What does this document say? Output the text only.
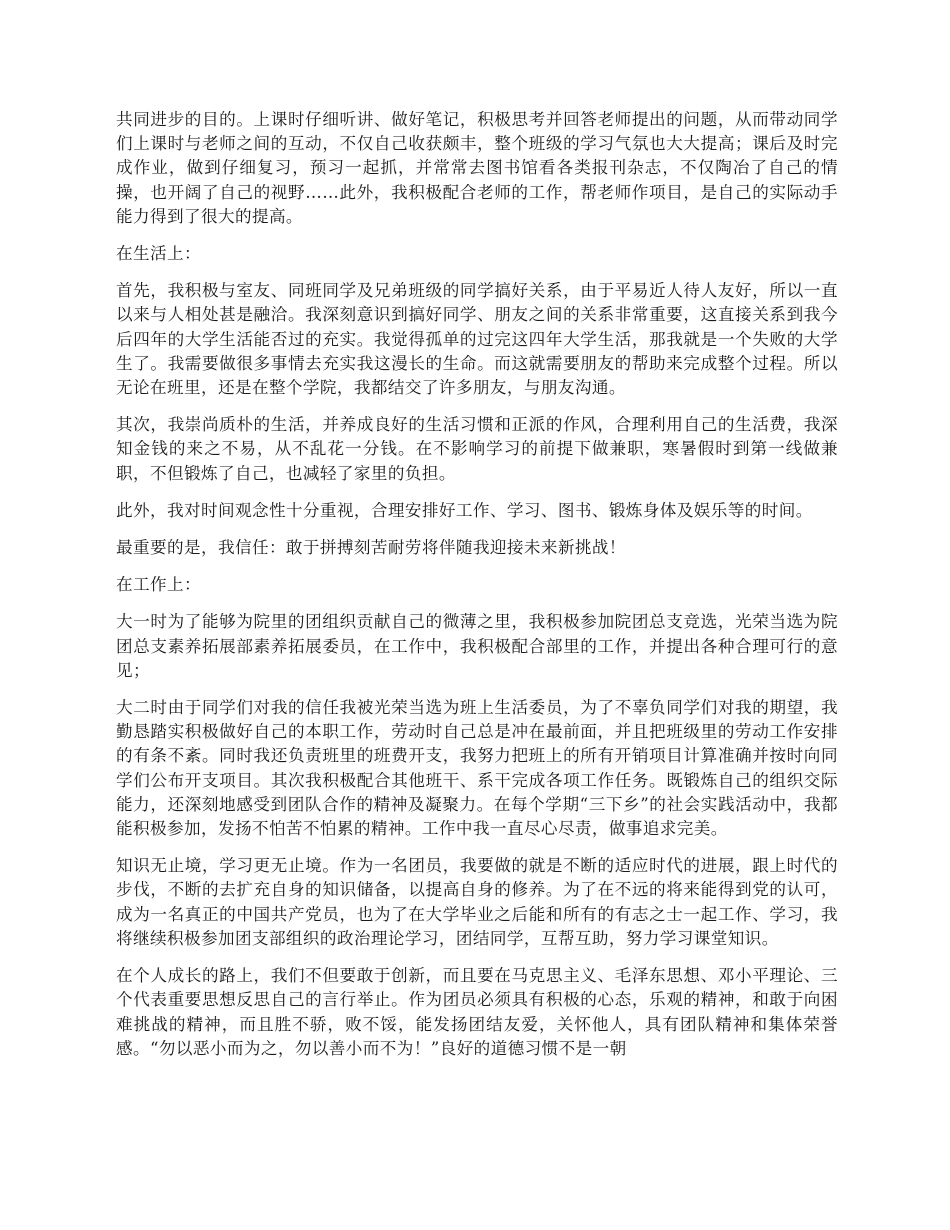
共同进步的目的。上课时仔细听讲、做好笔记，积极思考并回答老师提出的问题，从而带动同学们上课时与老师之间的互动，不仅自己收获颇丰，整个班级的学习气氛也大大提高；课后及时完成作业，做到仔细复习，预习一起抓，并常常去图书馆看各类报刊杂志，不仅陶冶了自己的情操，也开阔了自己的视野……此外，我积极配合老师的工作，帮老师作项目，是自己的实际动手能力得到了很大的提高。

在生活上：

首先，我积极与室友、同班同学及兄弟班级的同学搞好关系，由于平易近人待人友好，所以一直以来与人相处甚是融洽。我深刻意识到搞好同学、朋友之间的关系非常重要，这直接关系到我今后四年的大学生活能否过的充实。我觉得孤单的过完这四年大学生活，那我就是一个失败的大学生了。我需要做很多事情去充实我这漫长的生命。而这就需要朋友的帮助来完成整个过程。所以无论在班里，还是在整个学院，我都结交了许多朋友，与朋友沟通。

其次，我崇尚质朴的生活，并养成良好的生活习惯和正派的作风，合理利用自己的生活费，我深知金钱的来之不易，从不乱花一分钱。在不影响学习的前提下做兼职，寒暑假时到第一线做兼职，不但锻炼了自己，也减轻了家里的负担。

此外，我对时间观念性十分重视，合理安排好工作、学习、图书、锻炼身体及娱乐等的时间。

最重要的是，我信任：敢于拼搏刻苦耐劳将伴随我迎接未来新挑战！

在工作上：

大一时为了能够为院里的团组织贡献自己的微薄之里，我积极参加院团总支竞选，光荣当选为院团总支素养拓展部素养拓展委员，在工作中，我积极配合部里的工作，并提出各种合理可行的意见；

大二时由于同学们对我的信任我被光荣当选为班上生活委员，为了不辜负同学们对我的期望，我勤恳踏实积极做好自己的本职工作，劳动时自己总是冲在最前面，并且把班级里的劳动工作安排的有条不紊。同时我还负责班里的班费开支，我努力把班上的所有开销项目计算准确并按时向同学们公布开支项目。其次我积极配合其他班干、系干完成各项工作任务。既锻炼自己的组织交际能力，还深刻地感受到团队合作的精神及凝聚力。在每个学期“三下乡”的社会实践活动中，我都能积极参加，发扬不怕苦不怕累的精神。工作中我一直尽心尽责，做事追求完美。

知识无止境，学习更无止境。作为一名团员，我要做的就是不断的适应时代的进展，跟上时代的步伐，不断的去扩充自身的知识储备，以提高自身的修养。为了在不远的将来能得到党的认可，成为一名真正的中国共产党员，也为了在大学毕业之后能和所有的有志之士一起工作、学习，我将继续积极参加团支部组织的政治理论学习，团结同学，互帮互助，努力学习课堂知识。

在个人成长的路上，我们不但要敢于创新，而且要在马克思主义、毛泽东思想、邓小平理论、三个代表重要思想反思自己的言行举止。作为团员必须具有积极的心态，乐观的精神，和敢于向困难挑战的精神，而且胜不骄，败不馁，能发扬团结友爱，关怀他人，具有团队精神和集体荣誉感。“勿以恶小而为之，勿以善小而不为！”良好的道德习惯不是一朝
